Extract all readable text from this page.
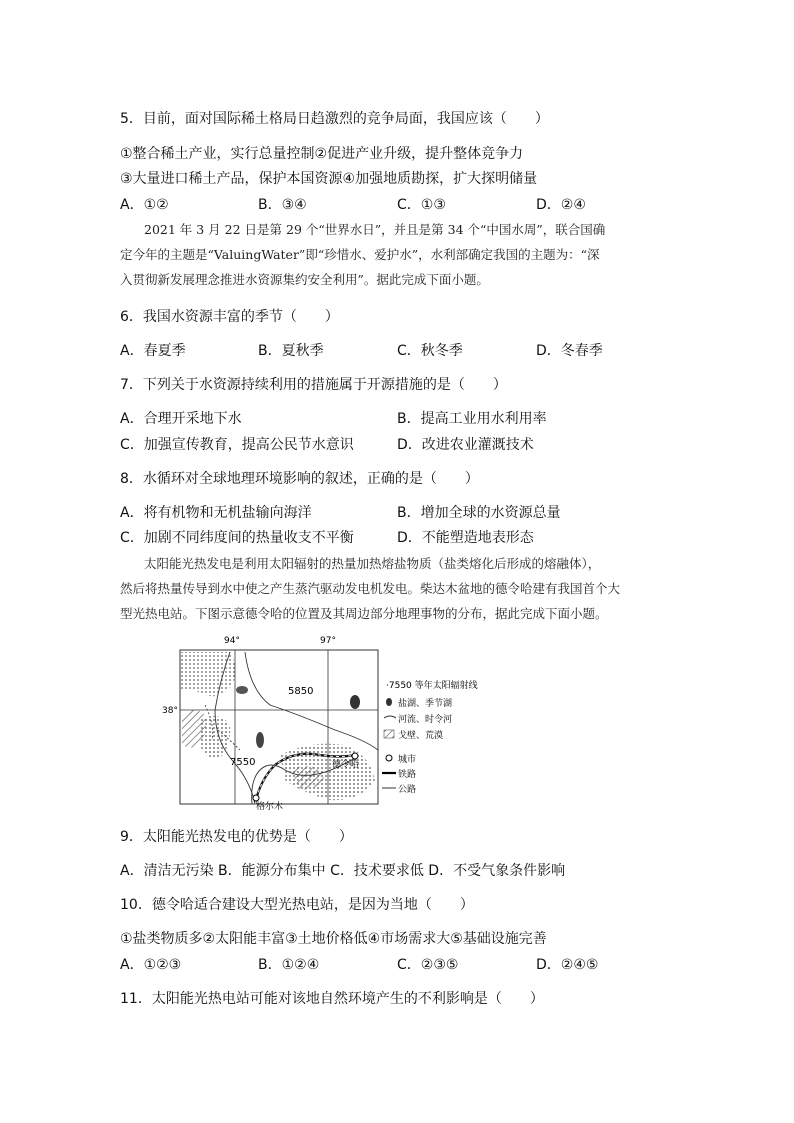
5．目前，面对国际稀土格局日趋激烈的竞争局面，我国应该（　　）
①整合稀土产业，实行总量控制②促进产业升级，提升整体竞争力
③大量进口稀土产品，保护本国资源④加强地质勘探，扩大探明储量
A．①②	B．③④	C．①③	D．②④
2021 年 3 月 22 日是第 29 个“世界水日”，并且是第 34 个“中国水周”，联合国确
定今年的主题是“ValuingWater”即“珍惜水、爱护水”，水利部确定我国的主题为：“深
入贯彻新发展理念推进水资源集约安全利用”。据此完成下面小题。
6．我国水资源丰富的季节（　　）
A．春夏季	B．夏秋季	C．秋冬季	D．冬春季
7．下列关于水资源持续利用的措施属于开源措施的是（　　）
A．合理开采地下水	B．提高工业用水利用率
C．加强宣传教育，提高公民节水意识	D．改进农业灌溉技术
8．水循环对全球地理环境影响的叙述，正确的是（　　）
A．将有机物和无机盐输向海洋	B．增加全球的水资源总量
C．加剧不同纬度间的热量收支不平衡	D．不能塑造地表形态
太阳能光热发电是利用太阳辐射的热量加热熔盐物质（盐类熔化后形成的熔融体），
然后将热量传导到水中使之产生蒸汽驱动发电机发电。柴达木盆地的德令哈建有我国首个大
型光热电站。下图示意德令哈的位置及其周边部分地理事物的分布，据此完成下面小题。
94°	97°
38°
5850
7550	德令哈
格尔木
·7550 等年太阳辐射线
盐湖、季节湖
河流、时令河
戈壁、荒漠
城市
铁路
公路
9．太阳能光热发电的优势是（　　）
A．清洁无污染 B．能源分布集中 C．技术要求低 D．不受气象条件影响
10．德令哈适合建设大型光热电站，是因为当地（　　）
①盐类物质多②太阳能丰富③土地价格低④市场需求大⑤基础设施完善
A．①②③	B．①②④	C．②③⑤	D．②④⑤
11．太阳能光热电站可能对该地自然环境产生的不利影响是（　　）
